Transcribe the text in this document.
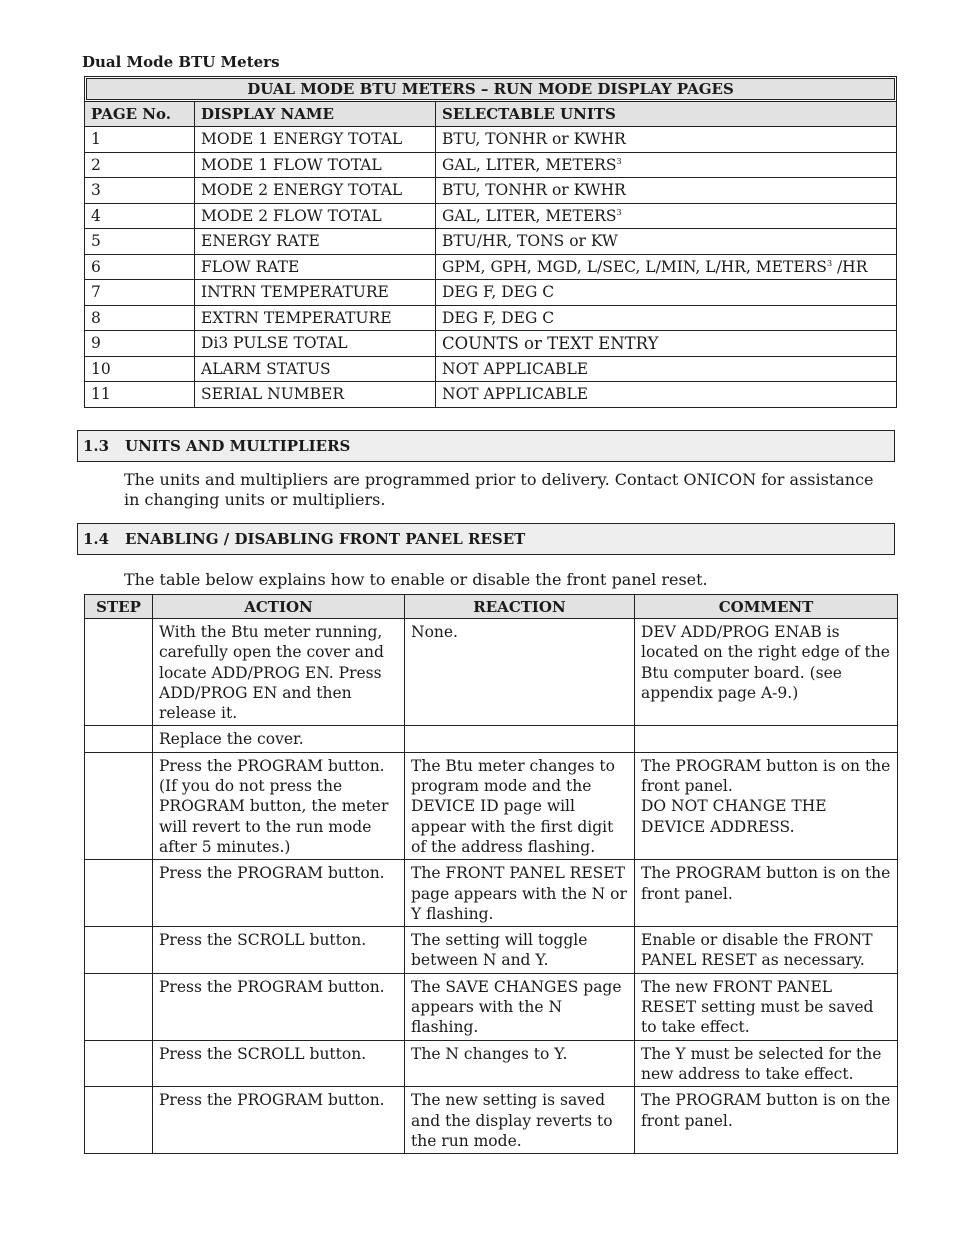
Dual Mode BTU Meters
DUAL MODE BTU METERS – RUN MODE DISPLAY PAGES		

PAGE No.	DISPLAY NAME	SELECTABLE UNITS
1	MODE 1 ENERGY TOTAL	BTU, TONHR or KWHR
2	MODE 1 FLOW TOTAL	GAL, LITER, METERS$^3$
3	MODE 2 ENERGY TOTAL	BTU, TONHR or KWHR
4	MODE 2 FLOW TOTAL	GAL, LITER, METERS$^3$
5	ENERGY RATE	BTU/HR, TONS or KW
6	FLOW RATE	GPM, GPH, MGD, L/SEC, L/MIN, L/HR, METERS$^3$ /HR
7	INTRN TEMPERATURE	DEG F, DEG C
8	EXTRN TEMPERATURE	DEG F, DEG C
9	Di3 PULSE TOTAL	COUNTS or TEXT ENTRY
10	ALARM STATUS	NOT APPLICABLE
11	SERIAL NUMBER	NOT APPLICABLE
1.3	UNITS AND MULTIPLIERS
The units and multipliers are programmed prior to delivery. Contact ONICON for assistance in changing units or multipliers.
1.4	ENABLING / DISABLING FRONT PANEL RESET
The table below explains how to enable or disable the front panel reset.
STEP	ACTION	REACTION	COMMENT
	With the Btu meter running, carefully open the cover and locate ADD/PROG EN. Press ADD/PROG EN and then release it.	None.	DEV ADD/PROG ENAB is located on the right edge of the Btu computer board. (see appendix page A-9.)

	Replace the cover.		

	Press the PROGRAM button. (If you do not press the PROGRAM button, the meter will revert to the run mode after 5 minutes.)	The Btu meter changes to program mode and the DEVICE ID page will appear with the first digit of the address flashing.	The PROGRAM button is on the front panel.
DO NOT CHANGE THE DEVICE ADDRESS.

	Press the PROGRAM button.	The FRONT PANEL RESET page appears with the N or Y flashing.	The PROGRAM button is on the front panel.

	Press the SCROLL button.	The setting will toggle between N and Y.	Enable or disable the FRONT PANEL RESET as necessary.

	Press the PROGRAM button.	The SAVE CHANGES page appears with the N flashing.	The new FRONT PANEL RESET setting must be saved to take effect.

	Press the SCROLL button.	The N changes to Y.	The Y must be selected for the new address to take effect.

	Press the PROGRAM button.	The new setting is saved and the display reverts to the run mode.	The PROGRAM button is on the front panel.
